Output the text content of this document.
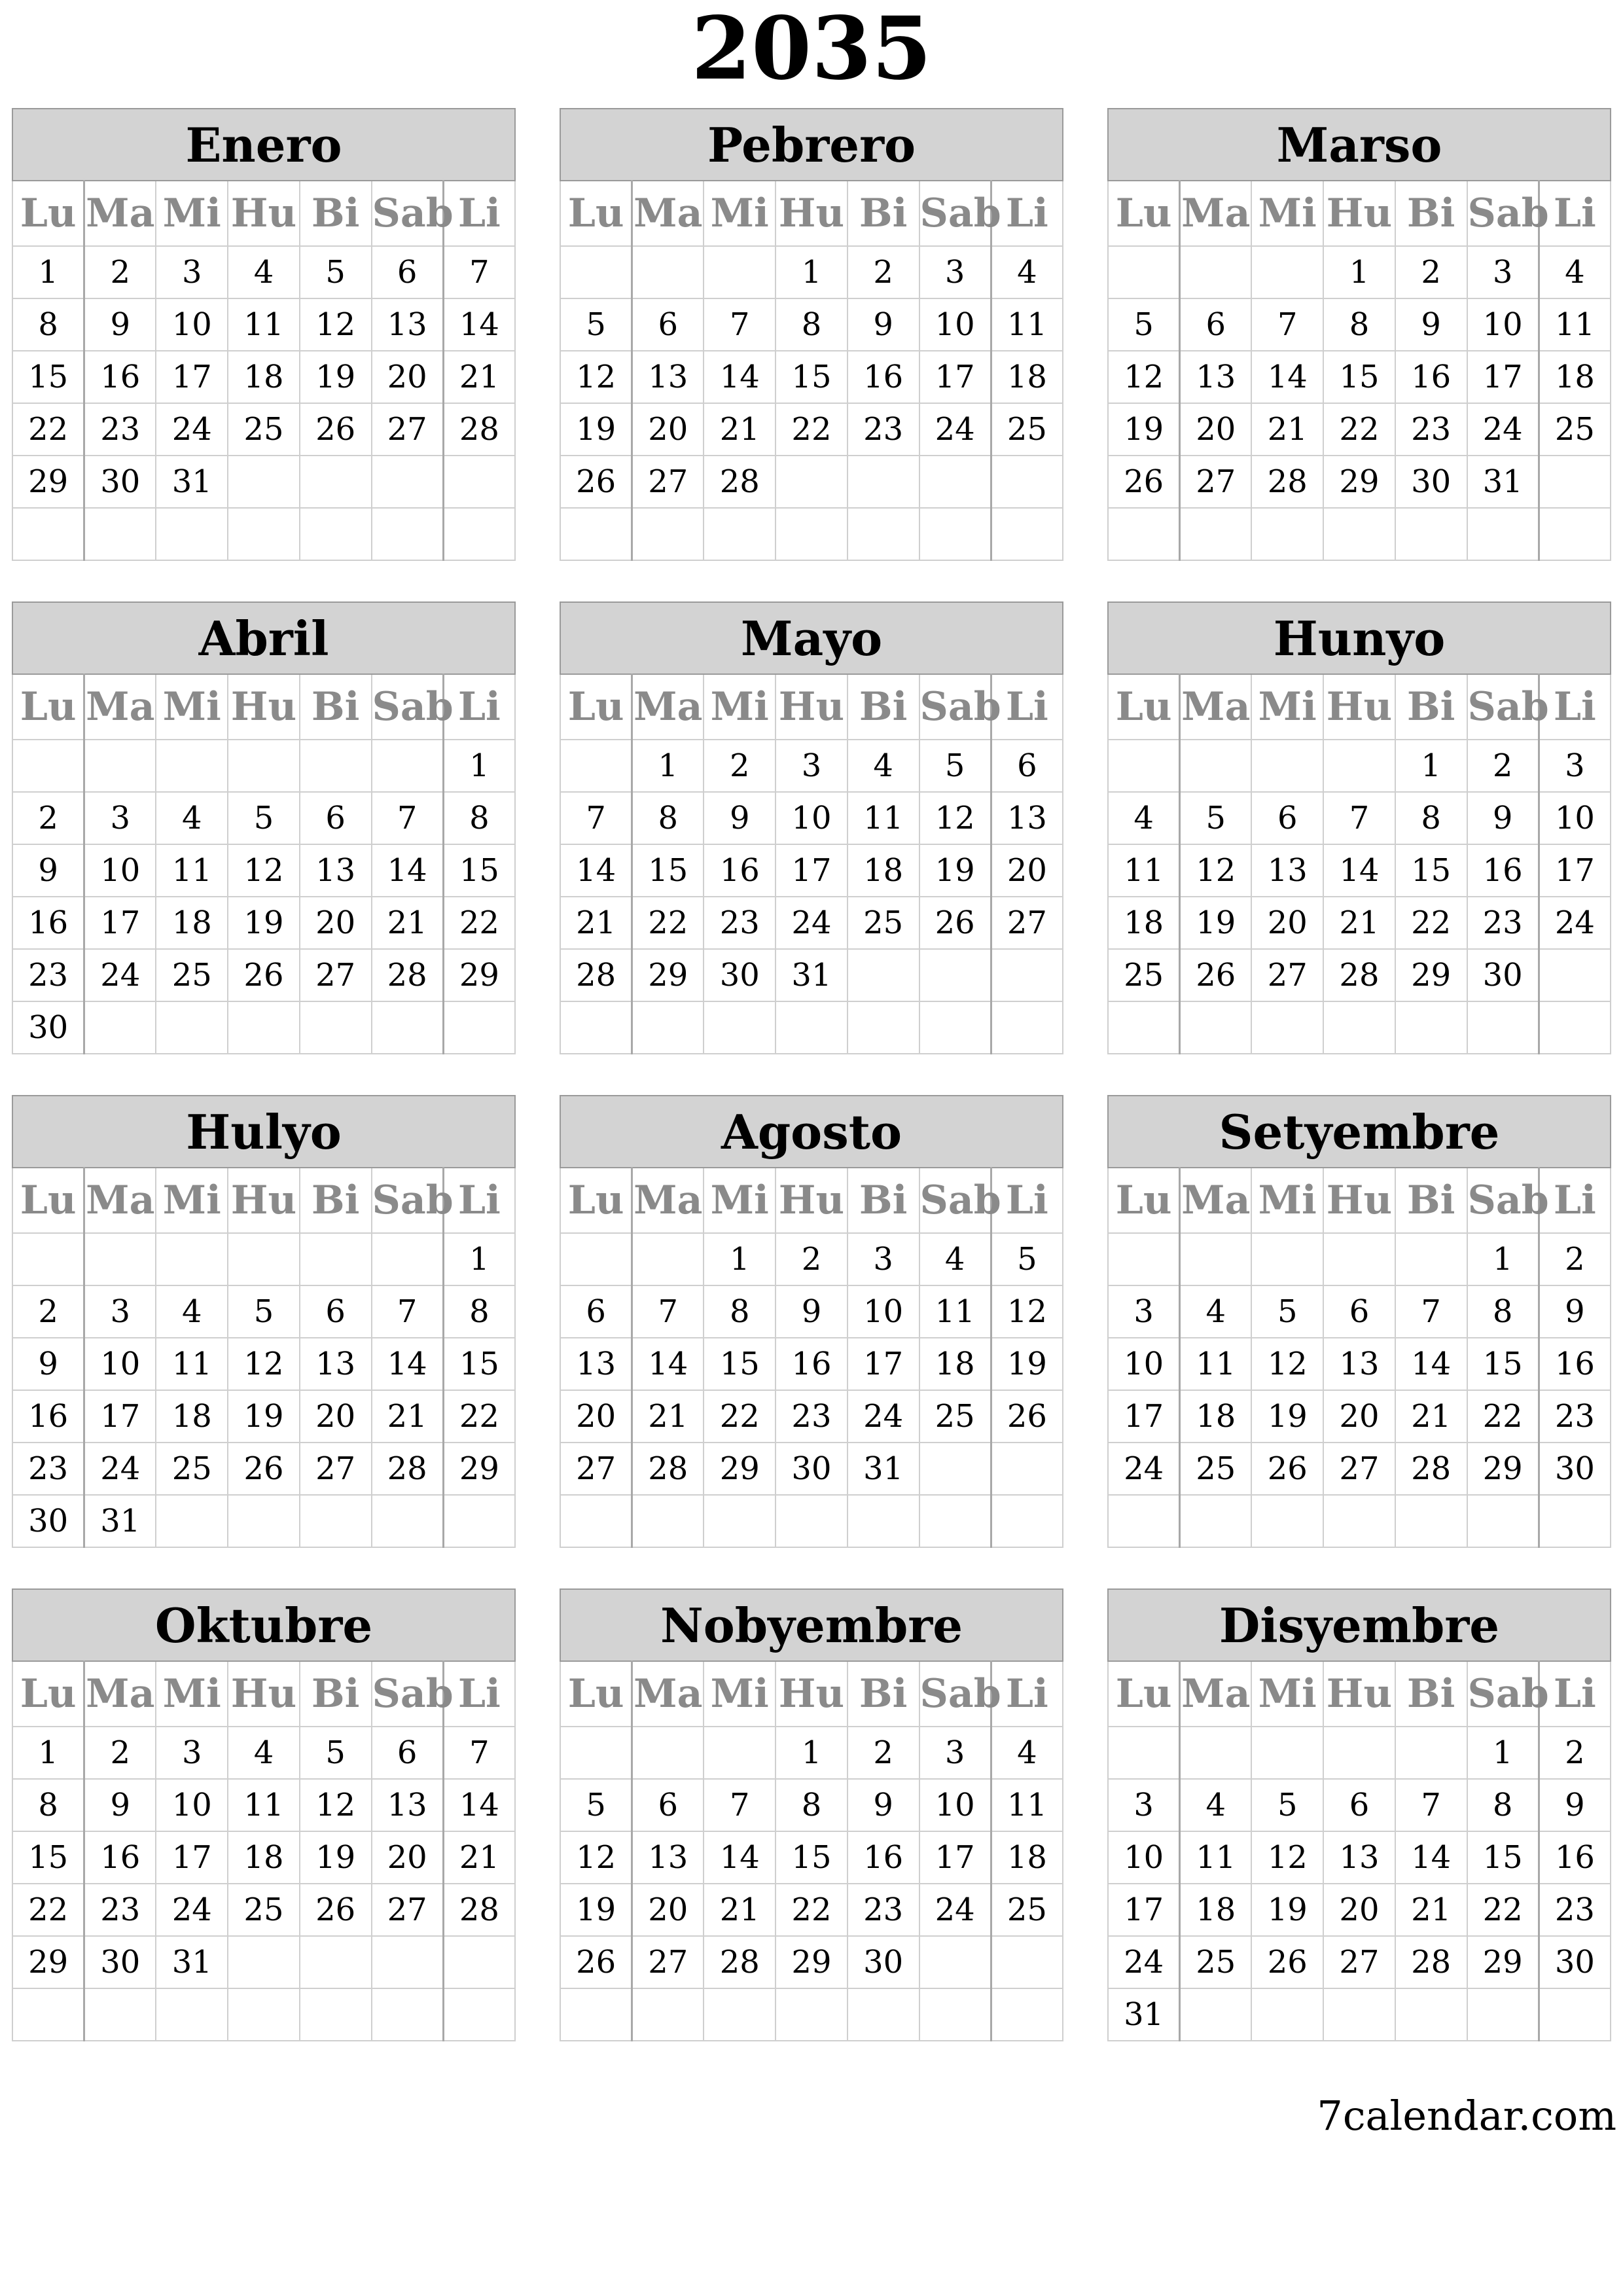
2035
Enero						
Lu	Ma	Mi	Hu	Bi	Sab	Li
1	2	3	4	5	6	7
8	9	10	11	12	13	14
15	16	17	18	19	20	21
22	23	24	25	26	27	28
29	30	31				

Pebrero						
Lu	Ma	Mi	Hu	Bi	Sab	Li
			1	2	3	4
5	6	7	8	9	10	11
12	13	14	15	16	17	18
19	20	21	22	23	24	25
26	27	28				

Marso						
Lu	Ma	Mi	Hu	Bi	Sab	Li
			1	2	3	4
5	6	7	8	9	10	11
12	13	14	15	16	17	18
19	20	21	22	23	24	25
26	27	28	29	30	31	

Abril						
Lu	Ma	Mi	Hu	Bi	Sab	Li
						1
2	3	4	5	6	7	8
9	10	11	12	13	14	15
16	17	18	19	20	21	22
23	24	25	26	27	28	29
30						
Mayo						
Lu	Ma	Mi	Hu	Bi	Sab	Li
	1	2	3	4	5	6
7	8	9	10	11	12	13
14	15	16	17	18	19	20
21	22	23	24	25	26	27
28	29	30	31			

Hunyo						
Lu	Ma	Mi	Hu	Bi	Sab	Li
				1	2	3
4	5	6	7	8	9	10
11	12	13	14	15	16	17
18	19	20	21	22	23	24
25	26	27	28	29	30	

Hulyo						
Lu	Ma	Mi	Hu	Bi	Sab	Li
						1
2	3	4	5	6	7	8
9	10	11	12	13	14	15
16	17	18	19	20	21	22
23	24	25	26	27	28	29
30	31					
Agosto						
Lu	Ma	Mi	Hu	Bi	Sab	Li
		1	2	3	4	5
6	7	8	9	10	11	12
13	14	15	16	17	18	19
20	21	22	23	24	25	26
27	28	29	30	31		

Setyembre						
Lu	Ma	Mi	Hu	Bi	Sab	Li
					1	2
3	4	5	6	7	8	9
10	11	12	13	14	15	16
17	18	19	20	21	22	23
24	25	26	27	28	29	30

Oktubre						
Lu	Ma	Mi	Hu	Bi	Sab	Li
1	2	3	4	5	6	7
8	9	10	11	12	13	14
15	16	17	18	19	20	21
22	23	24	25	26	27	28
29	30	31				

Nobyembre						
Lu	Ma	Mi	Hu	Bi	Sab	Li
			1	2	3	4
5	6	7	8	9	10	11
12	13	14	15	16	17	18
19	20	21	22	23	24	25
26	27	28	29	30		

Disyembre						
Lu	Ma	Mi	Hu	Bi	Sab	Li
					1	2
3	4	5	6	7	8	9
10	11	12	13	14	15	16
17	18	19	20	21	22	23
24	25	26	27	28	29	30
31						
7calendar.com
